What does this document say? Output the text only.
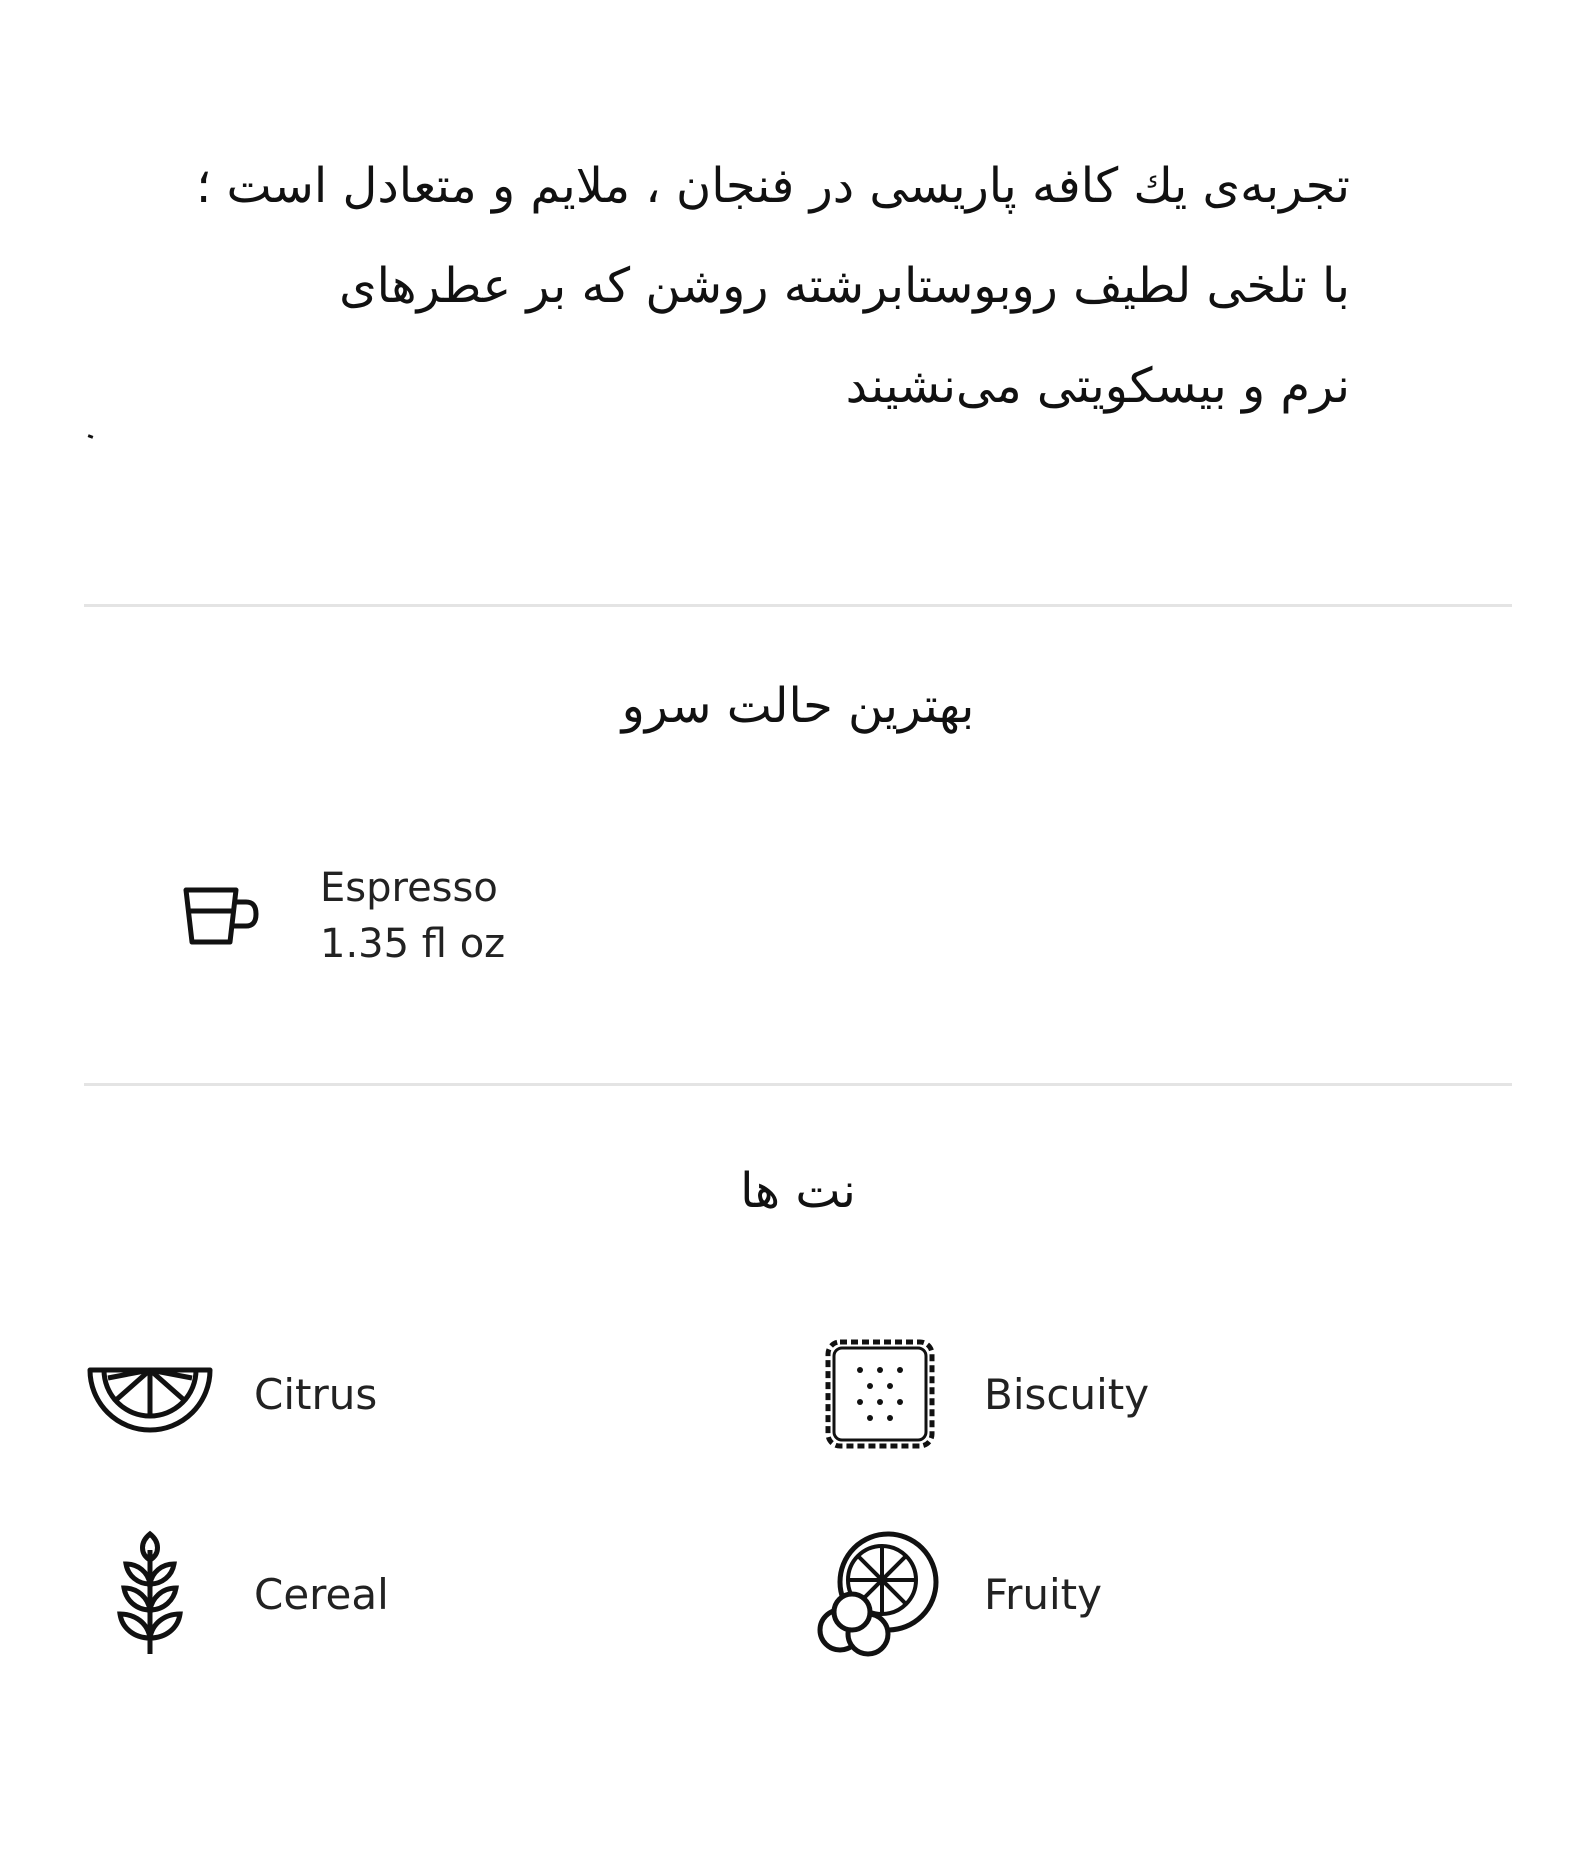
تجربه‌ی یك كافه پاریسی در فنجان ، ملایم و متعادل است ؛
با تلخی لطیف روبوستابرشته روشن که بر عطرهای
نرم و بیسکویتی می‌نشیند
بهترین حالت سرو
Espresso
1.35 fl oz
نت ها
Citrus	Biscuity
Cereal	Fruity
